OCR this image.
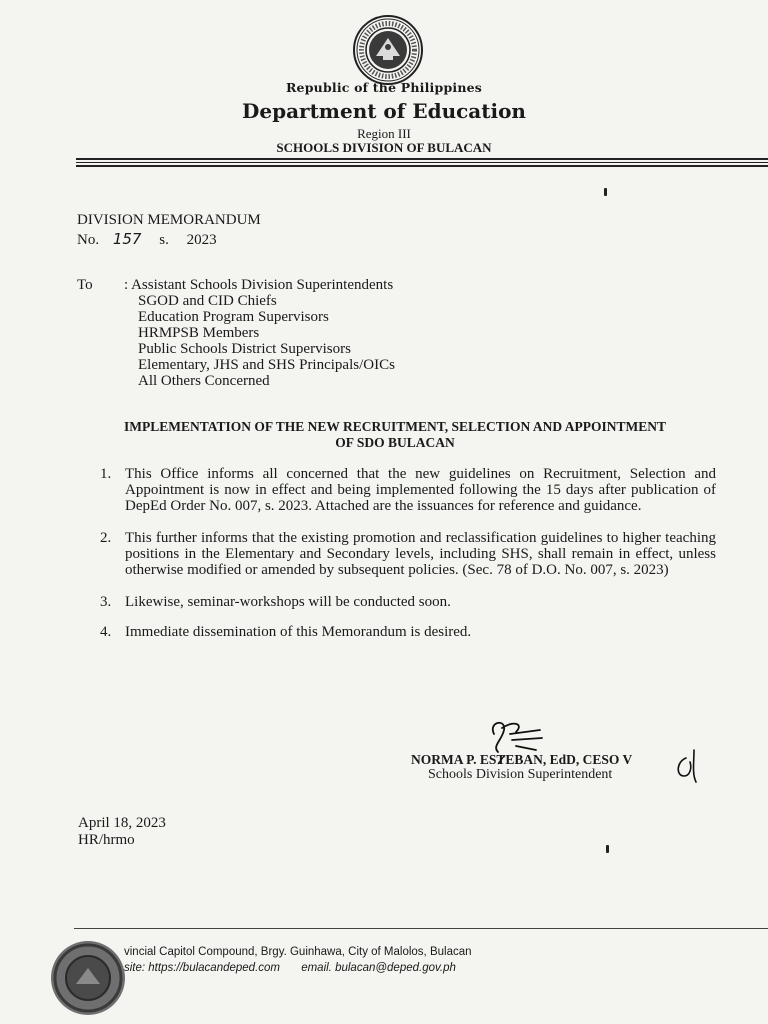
Republic of the Philippines
Department of Education
Region III
SCHOOLS DIVISION OF BULACAN
DIVISION MEMORANDUM
No. 157 s. 2023
To : Assistant Schools Division Superintendents
SGOD and CID Chiefs
Education Program Supervisors
HRMPSB Members
Public Schools District Supervisors
Elementary, JHS and SHS Principals/OICs
All Others Concerned
IMPLEMENTATION OF THE NEW RECRUITMENT, SELECTION AND APPOINTMENT
OF SDO BULACAN
1. This Office informs all concerned that the new guidelines on Recruitment, Selection and Appointment is now in effect and being implemented following the 15 days after publication of DepEd Order No. 007, s. 2023. Attached are the issuances for reference and guidance.
2. This further informs that the existing promotion and reclassification guidelines to higher teaching positions in the Elementary and Secondary levels, including SHS, shall remain in effect, unless otherwise modified or amended by subsequent policies. (Sec. 78 of D.O. No. 007, s. 2023)
3. Likewise, seminar-workshops will be conducted soon.
4. Immediate dissemination of this Memorandum is desired.
NORMA P. ESTEBAN, EdD, CESO V
Schools Division Superintendent
April 18, 2023
HR/hrmo
vincial Capitol Compound, Brgy. Guinhawa, City of Malolos, Bulacan
site: https://bulacandeped.com email. bulacan@deped.gov.ph
